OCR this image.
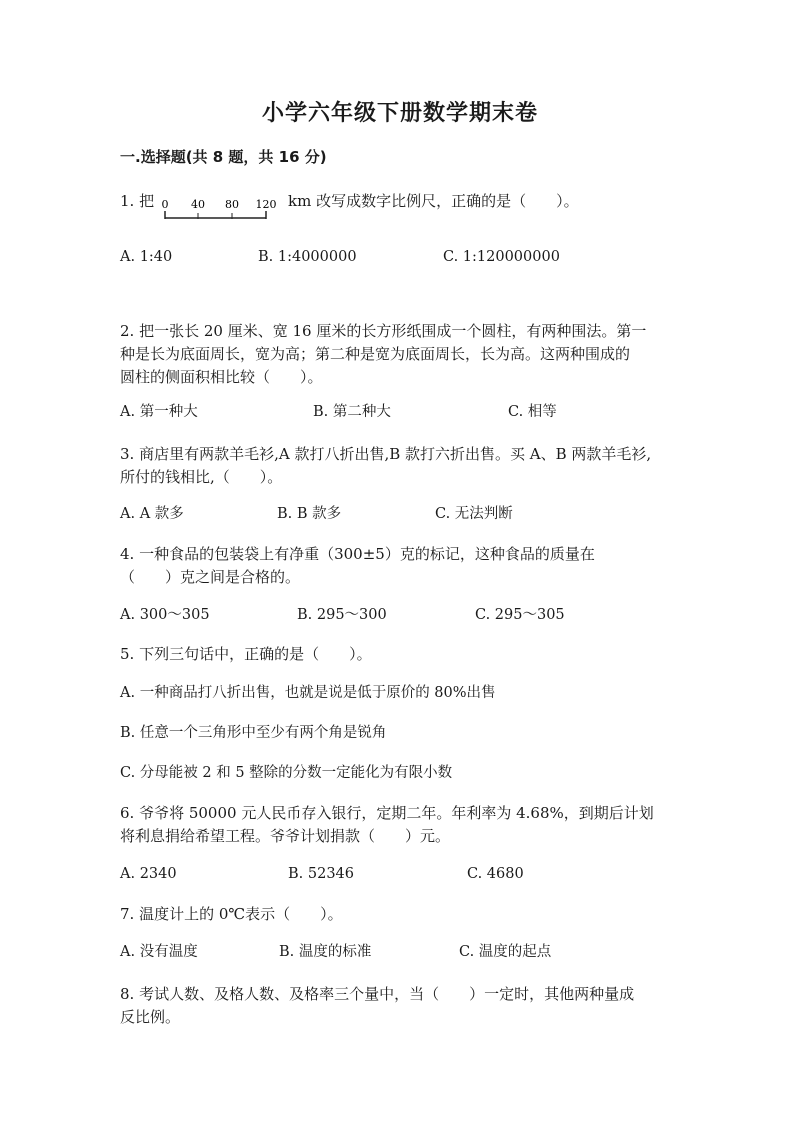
小学六年级下册数学期末卷
一.选择题(共 8 题，共 16 分)
1. 把 0 40 80 120 km 改写成数字比例尺，正确的是（　　）。
A. 1:40	B. 1:4000000	C. 1:120000000
2. 把一张长 20 厘米、宽 16 厘米的长方形纸围成一个圆柱，有两种围法。第一
种是长为底面周长，宽为高；第二种是宽为底面周长，长为高。这两种围成的
圆柱的侧面积相比较（　　）。
A. 第一种大	B. 第二种大	C. 相等
3. 商店里有两款羊毛衫,A 款打八折出售,B 款打六折出售。买 A、B 两款羊毛衫,
所付的钱相比,（　　）。
A. A 款多	B. B 款多	C. 无法判断
4. 一种食品的包装袋上有净重（300±5）克的标记，这种食品的质量在
（　　）克之间是合格的。
A. 300～305	B. 295～300	C. 295～305
5. 下列三句话中，正确的是（　　）。
A. 一种商品打八折出售，也就是说是低于原价的 80%出售
B. 任意一个三角形中至少有两个角是锐角
C. 分母能被 2 和 5 整除的分数一定能化为有限小数
6. 爷爷将 50000 元人民币存入银行，定期二年。年利率为 4.68%，到期后计划
将利息捐给希望工程。爷爷计划捐款（　　）元。
A. 2340	B. 52346	C. 4680
7. 温度计上的 0℃表示（　　）。
A. 没有温度	B. 温度的标准	C. 温度的起点
8. 考试人数、及格人数、及格率三个量中，当（　　）一定时，其他两种量成
反比例。
